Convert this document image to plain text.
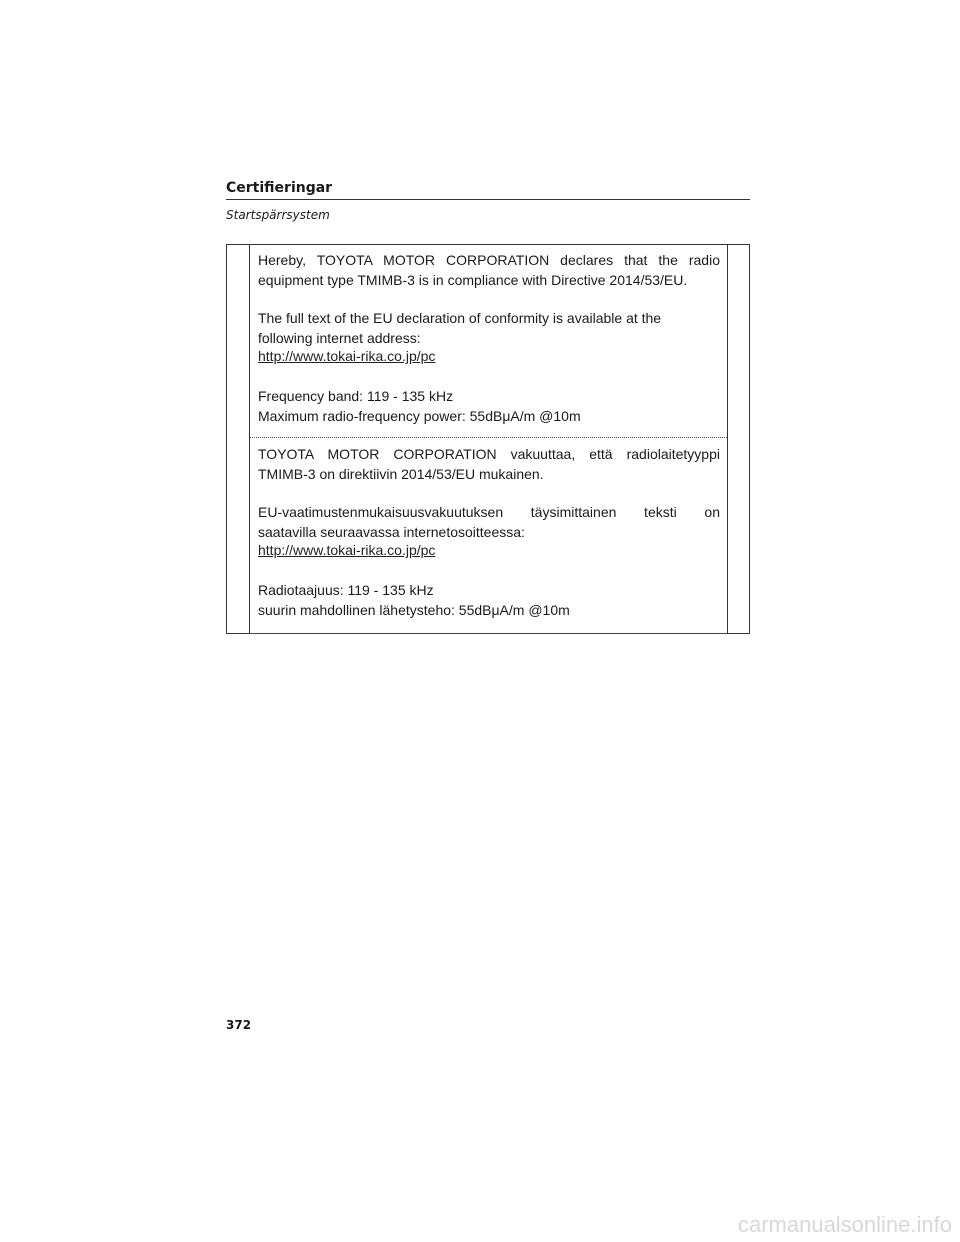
Certifieringar

Startspärrsystem

Hereby, TOYOTA MOTOR CORPORATION declares that the radio

equipment type TMIMB-3 is in compliance with Directive 2014/53/EU.

The full text of the EU declaration of conformity is available at the

following internet address:

http://www.tokai-rika.co.jp/pc

Frequency band: 119 - 135 kHz

Maximum radio-frequency power: 55dBμA/m @10m

TOYOTA MOTOR CORPORATION vakuuttaa, että radiolaitetyyppi

TMIMB-3 on direktiivin 2014/53/EU mukainen.

EU-vaatimustenmukaisuusvakuutuksen täysimittainen teksti on

saatavilla seuraavassa internetosoitteessa:

http://www.tokai-rika.co.jp/pc

Radiotaajuus: 119 - 135 kHz

suurin mahdollinen lähetysteho: 55dBμA/m @10m

372

carmanualsonline.info
